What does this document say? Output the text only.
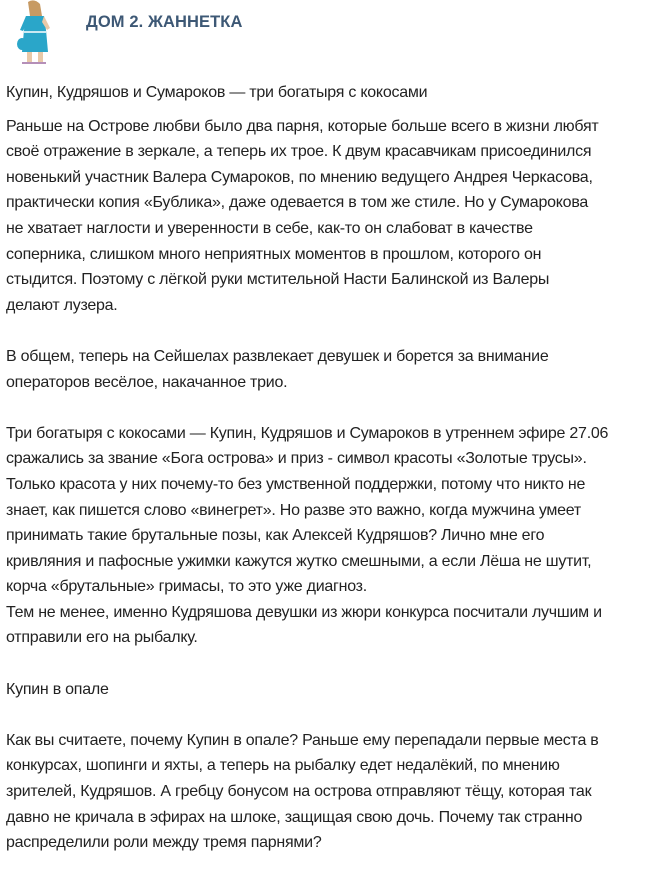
ДОМ 2. ЖАННЕТКА
Купин, Кудряшов и Сумароков — три богатыря с кокосами
Раньше на Острове любви было два парня, которые больше всего в жизни любят
своё отражение в зеркале, а теперь их трое. К двум красавчикам присоединился
новенький участник Валера Сумароков, по мнению ведущего Андрея Черкасова,
практически копия «Бублика», даже одевается в том же стиле. Но у Сумарокова
не хватает наглости и уверенности в себе, как-то он слабоват в качестве
соперника, слишком много неприятных моментов в прошлом, которого он
стыдится. Поэтому с лёгкой руки мстительной Насти Балинской из Валеры
делают лузера.
В общем, теперь на Сейшелах развлекает девушек и борется за внимание
операторов весёлое, накачанное трио.
Три богатыря с кокосами — Купин, Кудряшов и Сумароков в утреннем эфире 27.06
сражались за звание «Бога острова» и приз - символ красоты «Золотые трусы».
Только красота у них почему-то без умственной поддержки, потому что никто не
знает, как пишется слово «винегрет». Но разве это важно, когда мужчина умеет
принимать такие брутальные позы, как Алексей Кудряшов? Лично мне его
кривляния и пафосные ужимки кажутся жутко смешными, а если Лёша не шутит,
корча «брутальные» гримасы, то это уже диагноз.
Тем не менее, именно Кудряшова девушки из жюри конкурса посчитали лучшим и
отправили его на рыбалку.
Купин в опале
Как вы считаете, почему Купин в опале? Раньше ему перепадали первые места в
конкурсах, шопинги и яхты, а теперь на рыбалку едет недалёкий, по мнению
зрителей, Кудряшов. А гребцу бонусом на острова отправляют тёщу, которая так
давно не кричала в эфирах на шлоке, защищая свою дочь. Почему так странно
распределили роли между тремя парнями?
